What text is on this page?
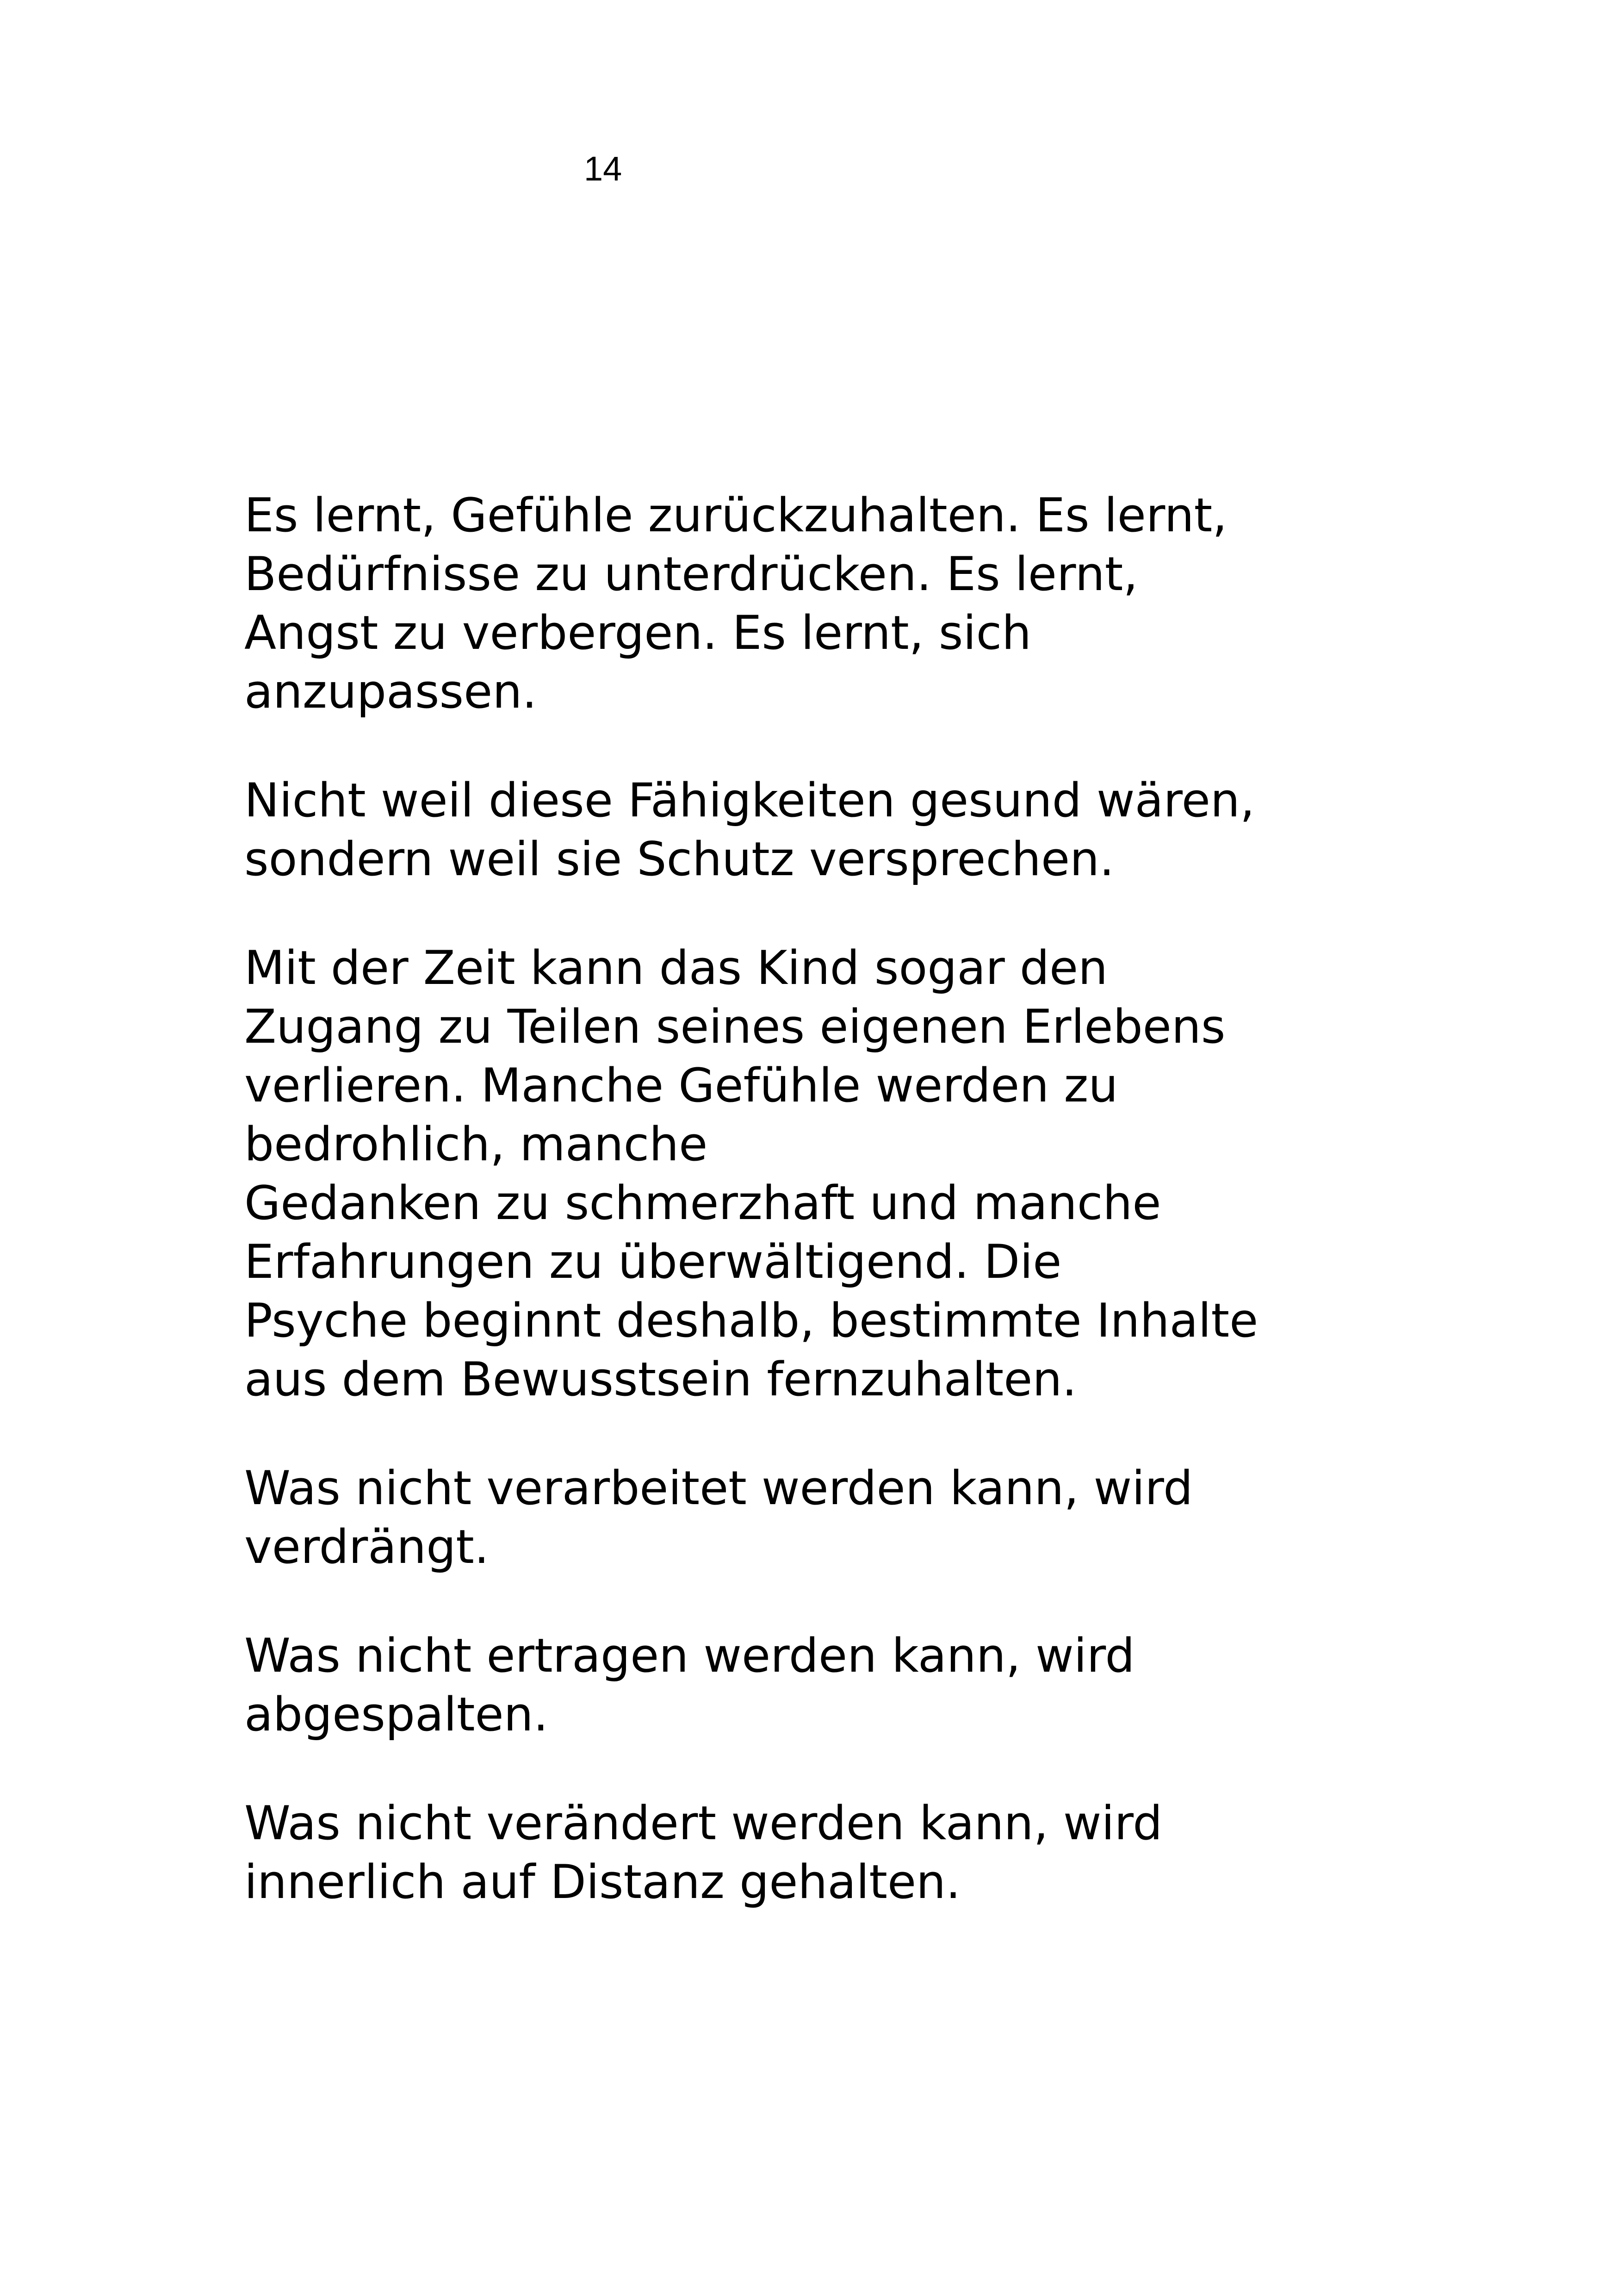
14

Es lernt, Gefühle zurückzuhalten. Es lernt,
Bedürfnisse zu unterdrücken. Es lernt,
Angst zu verbergen. Es lernt, sich
anzupassen.

Nicht weil diese Fähigkeiten gesund wären,
sondern weil sie Schutz versprechen.

Mit der Zeit kann das Kind sogar den
Zugang zu Teilen seines eigenen Erlebens
verlieren. Manche Gefühle werden zu
bedrohlich, manche
Gedanken zu schmerzhaft und manche
Erfahrungen zu überwältigend. Die
Psyche beginnt deshalb, bestimmte Inhalte
aus dem Bewusstsein fernzuhalten.

Was nicht verarbeitet werden kann, wird
verdrängt.

Was nicht ertragen werden kann, wird
abgespalten.

Was nicht verändert werden kann, wird
innerlich auf Distanz gehalten.
